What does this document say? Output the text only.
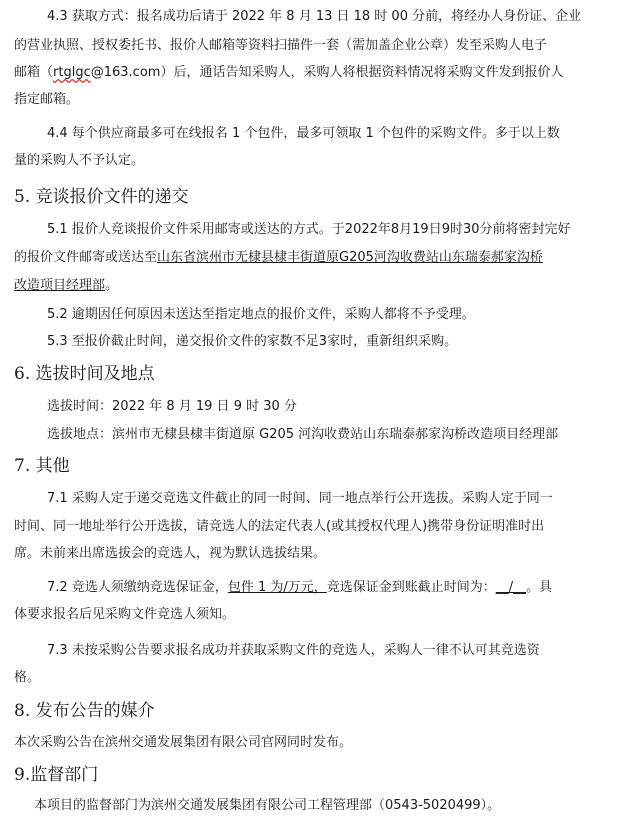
4.3 获取方式：报名成功后请于 2022 年 8 月 13 日 18 时 00 分前，将经办人身份证、企业
的营业执照、授权委托书、报价人邮箱等资料扫描件一套（需加盖企业公章）发至采购人电子
邮箱（rtglgc@163.com）后，通话告知采购人，采购人将根据资料情况将采购文件发到报价人
指定邮箱。
4.4 每个供应商最多可在线报名 1 个包件，最多可领取 1 个包件的采购文件。多于以上数
量的采购人不予认定。
5. 竞谈报价文件的递交
5.1 报价人竞谈报价文件采用邮寄或送达的方式。于2022年8月19日9时30分前将密封完好
的报价文件邮寄或送达至山东省滨州市无棣县棣丰街道原G205河沟收费站山东瑞泰郝家沟桥
改造项目经理部。
5.2 逾期因任何原因未送达至指定地点的报价文件，采购人都将不予受理。
5.3 至报价截止时间，递交报价文件的家数不足3家时，重新组织采购。
6. 选拔时间及地点
选拔时间：2022 年 8 月 19 日 9 时 30 分
选拔地点：滨州市无棣县棣丰街道原 G205 河沟收费站山东瑞泰郝家沟桥改造项目经理部
7. 其他
7.1 采购人定于递交竞选文件截止的同一时间、同一地点举行公开选拔。采购人定于同一
时间、同一地址举行公开选拔，请竞选人的法定代表人(或其授权代理人)携带身份证明准时出
席。未前来出席选拔会的竞选人，视为默认选拔结果。
7.2 竞选人须缴纳竞选保证金，包件 1 为/万元，竞选保证金到账截止时间为：__/__。具
体要求报名后见采购文件竞选人须知。
7.3 未按采购公告要求报名成功并获取采购文件的竞选人，采购人一律不认可其竞选资
格。
8. 发布公告的媒介
本次采购公告在滨州交通发展集团有限公司官网同时发布。
9.监督部门
本项目的监督部门为滨州交通发展集团有限公司工程管理部（0543-5020499）。
